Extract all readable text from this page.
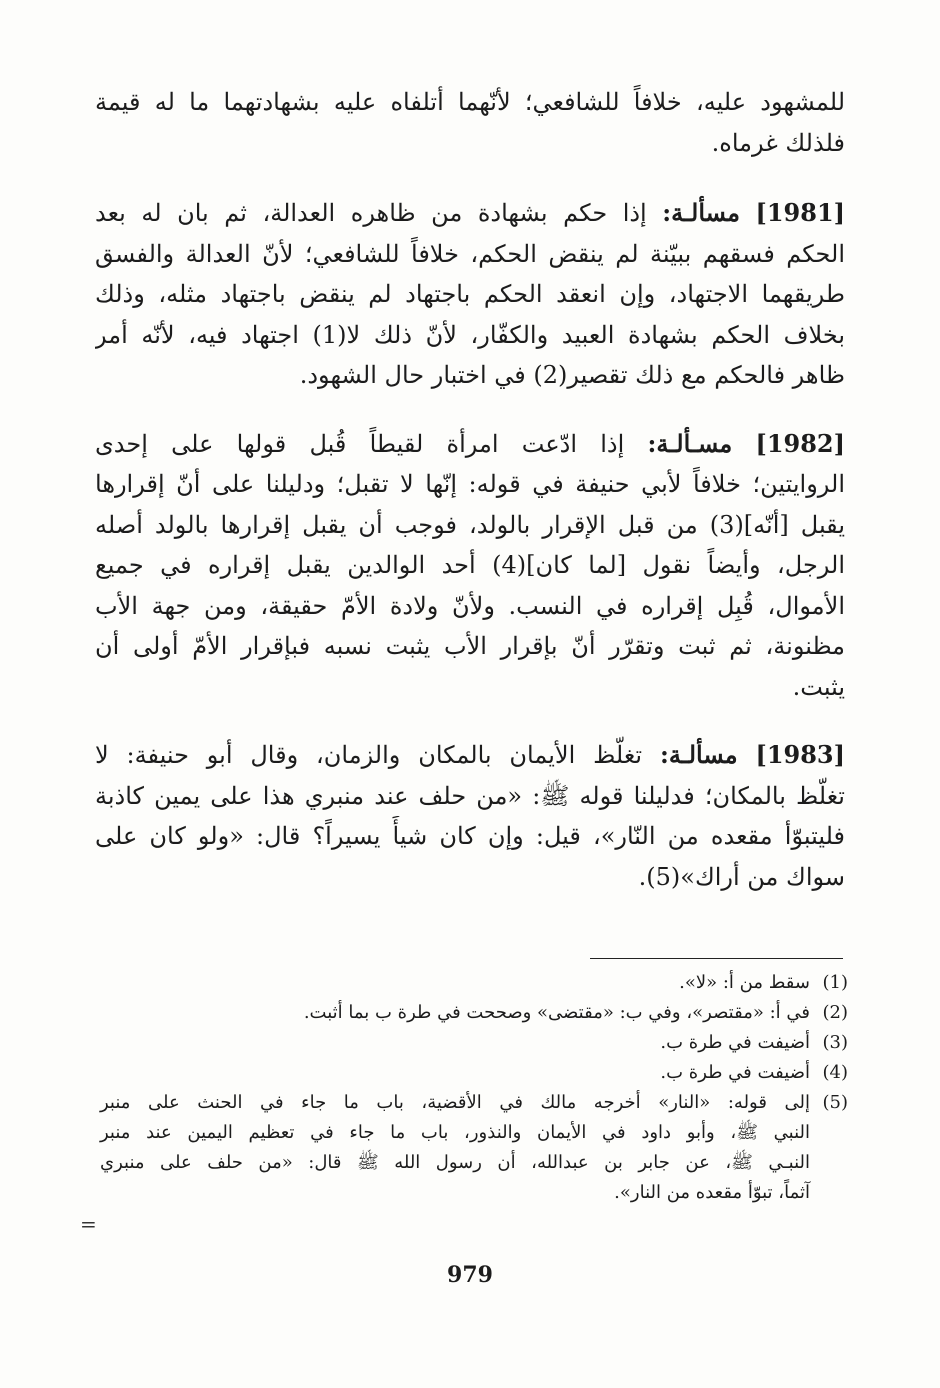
للمشهود عليه، خلافاً للشافعي؛ لأنّهما أتلفاه عليه بشهادتهما ما له قيمة
فلذلك غرماه.
[1981] مسألـة: إذا حكم بشهادة من ظاهره العدالة، ثم بان له بعد
الحكم فسقهم ببيّنة لم ينقض الحكم، خلافاً للشافعي؛ لأنّ العدالة والفسق
طريقهما الاجتهاد، وإن انعقد الحكم باجتهاد لم ينقض باجتهاد مثله، وذلك
بخلاف الحكم بشهادة العبيد والكفّار، لأنّ ذلك لا(1) اجتهاد فيه، لأنّه أمر
ظاهر فالحكم مع ذلك تقصير(2) في اختبار حال الشهود.
[1982] مسـألـة: إذا ادّعت امرأة لقيطاً قُبل قولها على إحدى
الروايتين؛ خلافاً لأبي حنيفة في قوله: إنّها لا تقبل؛ ودليلنا على أنّ إقرارها
يقبل [أنّه](3) من قبل الإقرار بالولد، فوجب أن يقبل إقرارها بالولد أصله
الرجل، وأيضاً نقول [لما كان](4) أحد الوالدين يقبل إقراره في جميع
الأموال، قُبِل إقراره في النسب. ولأنّ ولادة الأمّ حقيقة، ومن جهة الأب
مظنونة، ثم ثبت وتقرّر أنّ بإقرار الأب يثبت نسبه فبإقرار الأمّ أولى أن
يثبت.
[1983] مسألـة: تغلّظ الأيمان بالمكان والزمان، وقال أبو حنيفة: لا
تغلّظ بالمكان؛ فدليلنا قوله ﷺ: «من حلف عند منبري هذا على يمين كاذبة
فليتبوّأ مقعده من النّار»، قيل: وإن كان شيأً يسيراً؟ قال: «ولو كان على
سواك من أراك»(5).
(1)
سقط من أ: «لا».
(2)
في أ: «مقتصر»، وفي ب: «مقتضى» وصححت في طرة ب بما أثبت.
(3)
أضيفت في طرة ب.
(4)
أضيفت في طرة ب.
(5)
إلى قوله: «النار» أخرجه مالك في الأقضية، باب ما جاء في الحنث على منبر
النبي ﷺ، وأبو داود في الأيمان والنذور، باب ما جاء في تعظيم اليمين عند منبر
النبـي ﷺ، عن جابر بن عبدالله، أن رسول الله ﷺ قال: «من حلف على منبري
آثماً، تبوّأ مقعده من النار».
=
979
